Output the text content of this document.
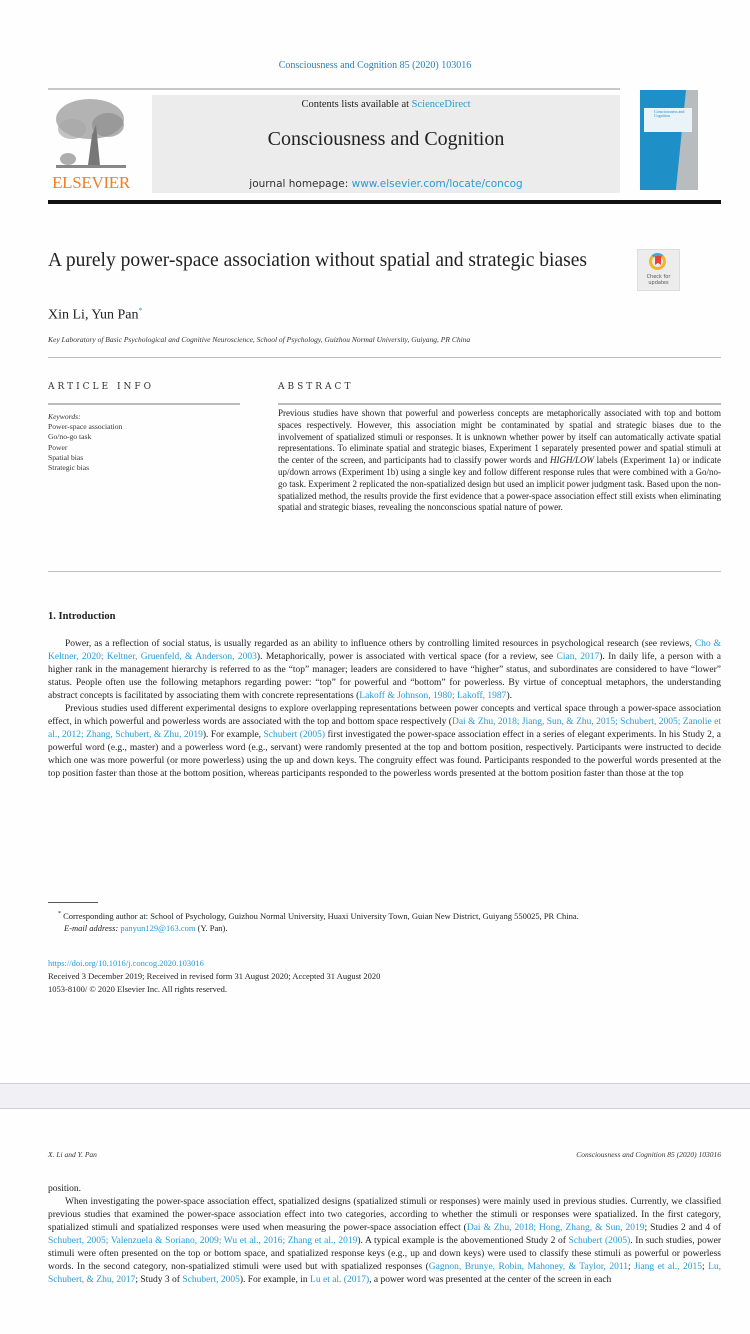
Consciousness and Cognition 85 (2020) 103016
ELSEVIER
Contents lists available at ScienceDirect
Consciousness and Cognition
journal homepage: www.elsevier.com/locate/concog
Consciousness and Cognition
A purely power-space association without spatial and strategic biases
Check for updates
Xin Li, Yun Pan*
Key Laboratory of Basic Psychological and Cognitive Neuroscience, School of Psychology, Guizhou Normal University, Guiyang, PR China
ARTICLE INFO	ABSTRACT
Keywords:
Power-space association
Go/no-go task
Power
Spatial bias
Strategic bias
Previous studies have shown that powerful and powerless concepts are metaphorically associated with top and bottom spaces respectively. However, this association might be contaminated by spatial and strategic biases due to the involvement of spatialized stimuli or responses. It is unknown whether power by itself can automatically activate spatial representations. To eliminate spatial and strategic biases, Experiment 1 separately presented power and spatial stimuli at the center of the screen, and participants had to classify power words and HIGH/LOW labels (Experiment 1a) or indicate up/down arrows (Experiment 1b) using a single key and follow different response rules that were combined with a Go/no-go task. Experiment 2 replicated the non-spatialized design but used an implicit power judgment task. Based upon the non-spatialized method, the results provide the first evidence that a power-space association effect still exists when eliminating spatial and strategic biases, revealing the nonconscious spatial nature of power.
1. Introduction

Power, as a reflection of social status, is usually regarded as an ability to influence others by controlling limited resources in psychological research (see reviews, Cho & Keltner, 2020; Keltner, Gruenfeld, & Anderson, 2003). Metaphorically, power is associated with vertical space (for a review, see Cian, 2017). In daily life, a person with a higher rank in the management hierarchy is referred to as the “top” manager; leaders are considered to have “higher” status, and subordinates are considered to have “lower” status. People often use the following metaphors regarding power: “top” for powerful and “bottom” for powerless. By virtue of conceptual metaphors, the understanding abstract concepts is facilitated by associating them with concrete representations (Lakoff & Johnson, 1980; Lakoff, 1987).

Previous studies used different experimental designs to explore overlapping representations between power concepts and vertical space through a power-space association effect, in which powerful and powerless words are associated with the top and bottom space respectively (Dai & Zhu, 2018; Jiang, Sun, & Zhu, 2015; Schubert, 2005; Zanolie et al., 2012; Zhang, Schubert, & Zhu, 2019). For example, Schubert (2005) first investigated the power-space association effect in a series of elegant experiments. In his Study 2, a powerful word (e.g., master) and a powerless word (e.g., servant) were randomly presented at the top and bottom position, respectively. Participants were instructed to decide which one was more powerful (or more powerless) using the up and down keys. The congruity effect was found. Participants responded to the powerful words presented at the top position faster than those at the bottom position, whereas participants responded to the powerless words presented at the bottom position faster than those at the top

* Corresponding author at: School of Psychology, Guizhou Normal University, Huaxi University Town, Guian New District, Guiyang 550025, PR China.
E-mail address: panyun129@163.com (Y. Pan).
https://doi.org/10.1016/j.concog.2020.103016
Received 3 December 2019; Received in revised form 31 August 2020; Accepted 31 August 2020
1053-8100/ © 2020 Elsevier Inc. All rights reserved.
X. Li and Y. Pan	Consciousness and Cognition 85 (2020) 103016

position.

When investigating the power-space association effect, spatialized designs (spatialized stimuli or responses) were mainly used in previous studies. Currently, we classified previous studies that examined the power-space association effect into two categories, according to whether the stimuli or responses were spatialized. In the first category, spatialized stimuli and spatialized responses were used when measuring the power-space association effect (Dai & Zhu, 2018; Hong, Zhang, & Sun, 2019; Studies 2 and 4 of Schubert, 2005; Valenzuela & Soriano, 2009; Wu et al., 2016; Zhang et al., 2019). A typical example is the abovementioned Study 2 of Schubert (2005). In such studies, power stimuli were often presented on the top or bottom space, and spatialized response keys (e.g., up and down keys) were used to classify these stimuli as powerful or powerless words. In the second category, non-spatialized stimuli were used but with spatialized responses (Gagnon, Brunye, Robin, Mahoney, & Taylor, 2011; Jiang et al., 2015; Lu, Schubert, & Zhu, 2017; Study 3 of Schubert, 2005). For example, in Lu et al. (2017), a power word was presented at the center of the screen in each
